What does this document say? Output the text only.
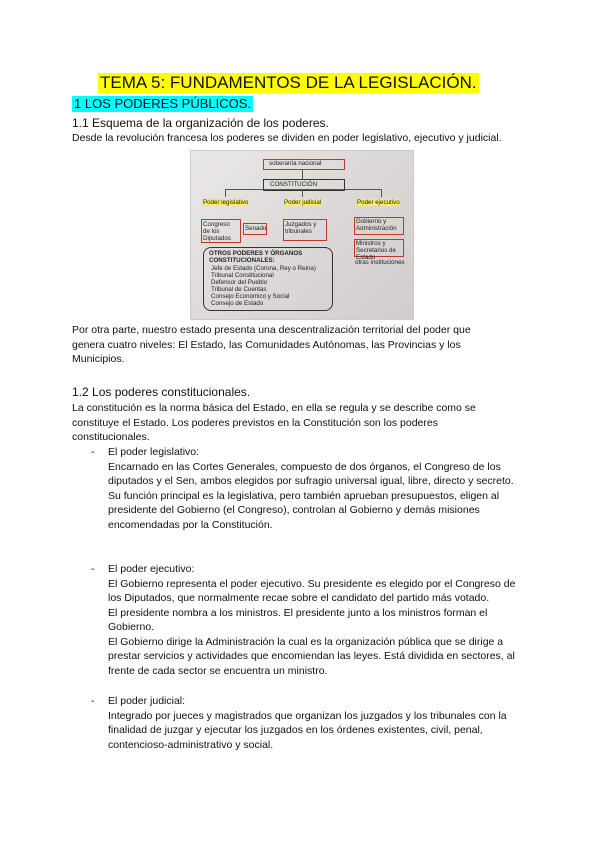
TEMA 5: FUNDAMENTOS DE LA LEGISLACIÓN.
1 LOS PODERES PÚBLICOS.
1.1 Esquema de la organización de los poderes.
Desde la revolución francesa los poderes se dividen en poder legislativo, ejecutivo y judicial.
soberanía nacional
CONSTITUCIÓN
Poder legislativo	Poder judicial	Poder ejecutivo
Congreso de los Diputados
Senado
Juzgados y tribunales
Gobierno y Administración
Ministros y Secretarios de Estado
otras instituciones
OTROS PODERES Y ÓRGANOS CONSTITUCIONALES:
Jefe de Estado (Corona, Rey o Reina)
Tribunal Constitucional
Defensor del Pueblo
Tribunal de Cuentas
Consejo Económico y Social
Consejo de Estado
Por otra parte, nuestro estado presenta una descentralización territorial del poder que genera cuatro niveles: El Estado, las Comunidades Autónomas, las Provincias y los Municipios.
1.2 Los poderes constitucionales.
La constitución es la norma básica del Estado, en ella se regula y se describe como se constituye el Estado. Los poderes previstos en la Constitución son los poderes constitucionales.
- El poder legislativo:
Encarnado en las Cortes Generales, compuesto de dos órganos, el Congreso de los diputados y el Sen, ambos elegidos por sufragio universal igual, libre, directo y secreto.
Su función principal es la legislativa, pero también aprueban presupuestos, eligen al presidente del Gobierno (el Congreso), controlan al Gobierno y demás misiones encomendadas por la Constitución.
- El poder ejecutivo:
El Gobierno representa el poder ejecutivo. Su presidente es elegido por el Congreso de los Diputados, que normalmente recae sobre el candidato del partido más votado.
El presidente nombra a los ministros. El presidente junto a los ministros forman el Gobierno.
El Gobierno dirige la Administración la cual es la organización pública que se dirige a prestar servicios y actividades que encomiendan las leyes. Está dividida en sectores, al frente de cada sector se encuentra un ministro.
- El poder judicial:
Integrado por jueces y magistrados que organizan los juzgados y los tribunales con la finalidad de juzgar y ejecutar los juzgados en los órdenes existentes, civil, penal, contencioso-administrativo y social.
